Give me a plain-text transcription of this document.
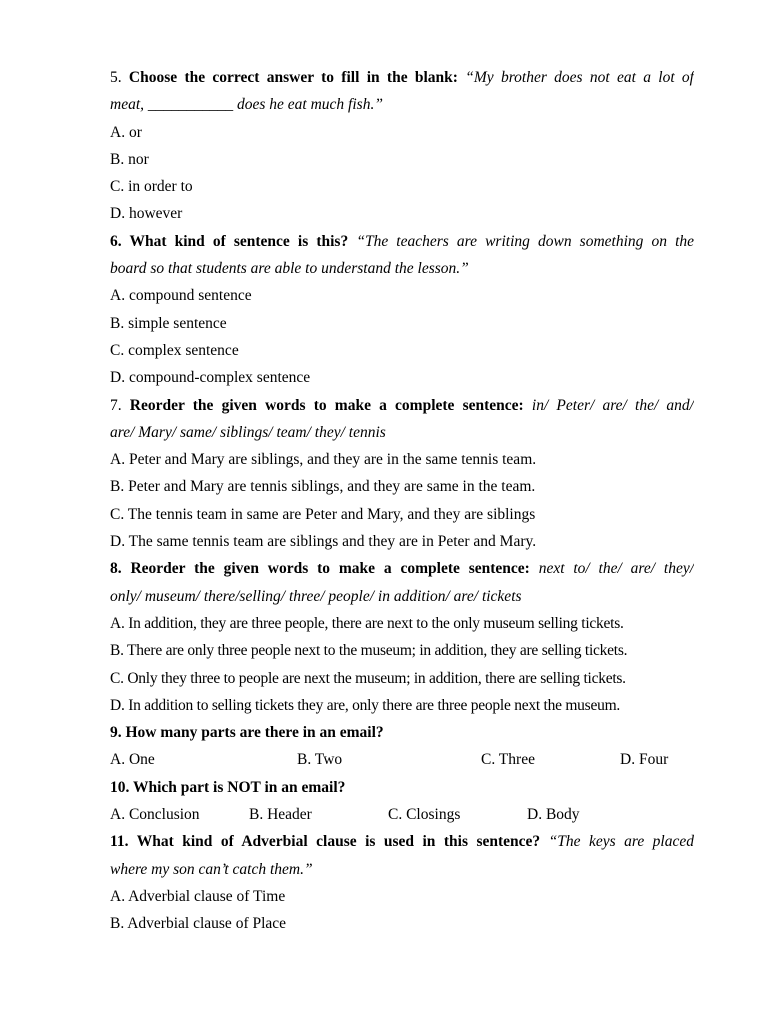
5. Choose the correct answer to fill in the blank: “My brother does not eat a lot of
meat, ___________ does he eat much fish.”
A. or
B. nor
C. in order to
D. however
6. What kind of sentence is this? “The teachers are writing down something on the
board so that students are able to understand the lesson.”
A. compound sentence
B. simple sentence
C. complex sentence
D. compound-complex sentence
7. Reorder the given words to make a complete sentence: in/ Peter/ are/ the/ and/
are/ Mary/ same/ siblings/ team/ they/ tennis
A. Peter and Mary are siblings, and they are in the same tennis team.
B. Peter and Mary are tennis siblings, and they are same in the team.
C. The tennis team in same are Peter and Mary, and they are siblings
D. The same tennis team are siblings and they are in Peter and Mary.
8. Reorder the given words to make a complete sentence: next to/ the/ are/ they/
only/ museum/ there/selling/ three/ people/ in addition/ are/ tickets
A. In addition, they are three people, there are next to the only museum selling tickets.
B. There are only three people next to the museum; in addition, they are selling tickets.
C. Only they three to people are next the museum; in addition, there are selling tickets.
D. In addition to selling tickets they are, only there are three people next the museum.
9. How many parts are there in an email?
A. One	B. Two	C. Three	D. Four
10. Which part is NOT in an email?
A. Conclusion	B. Header	C. Closings	D. Body
11. What kind of Adverbial clause is used in this sentence? “The keys are placed
where my son can’t catch them.”
A. Adverbial clause of Time
B. Adverbial clause of Place
